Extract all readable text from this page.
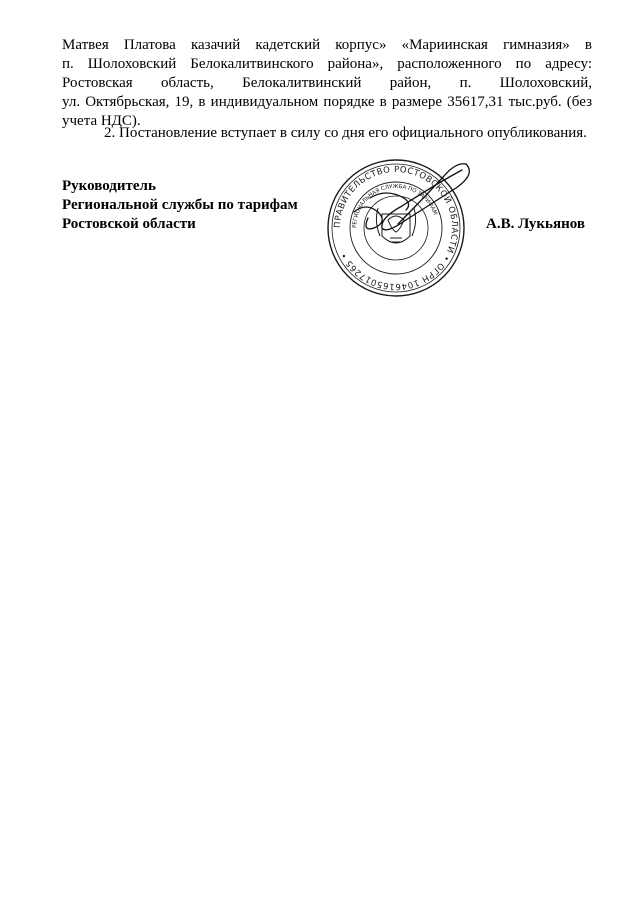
Матвея Платова казачий кадетский корпус» «Мариинская гимназия» в
п. Шолоховский Белокалитвинского района», расположенного по адресу:
Ростовская область, Белокалитвинский район, п. Шолоховский,
ул. Октябрьская, 19, в индивидуальном порядке в размере 35617,31 тыс.руб. (без
учета НДС).
2. Постановление вступает в силу со дня его официального опубликования.
Руководитель
Региональной службы по тарифам
Ростовской области	А.В. Лукьянов
ПРАВИТЕЛЬСТВО РОСТОВСКОЙ ОБЛАСТИ • ОГРН 1046165017265 •
РЕГИОНАЛЬНАЯ СЛУЖБА ПО ТАРИФАМ
